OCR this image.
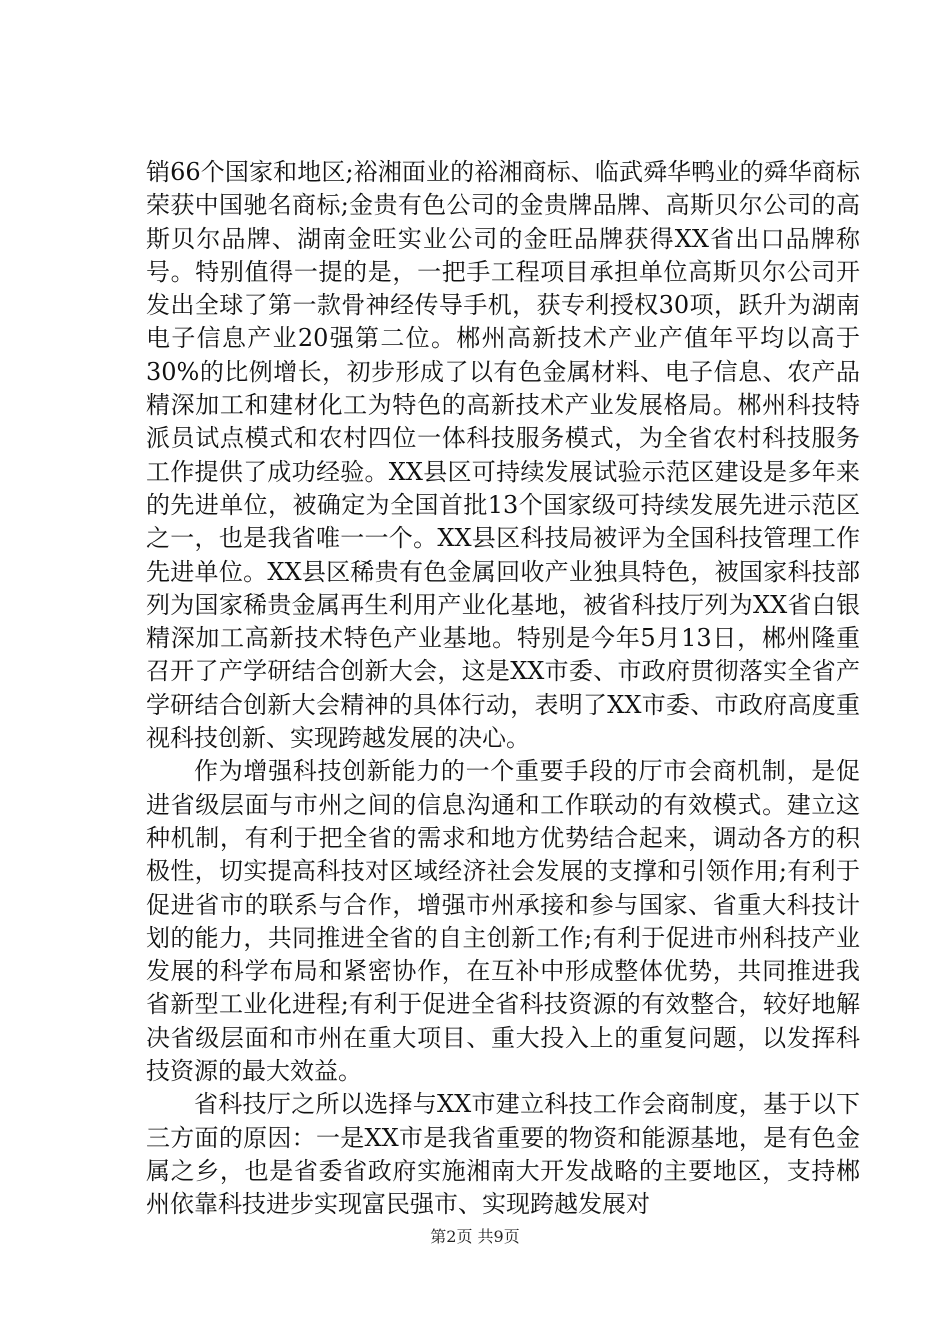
销66个国家和地区;裕湘面业的裕湘商标、临武舜华鸭业的舜华商标荣获中国驰名商标;金贵有色公司的金贵牌品牌、高斯贝尔公司的高斯贝尔品牌、湖南金旺实业公司的金旺品牌获得XX省出口品牌称号。特别值得一提的是，一把手工程项目承担单位高斯贝尔公司开发出全球了第一款骨神经传导手机，获专利授权30项，跃升为湖南电子信息产业20强第二位。郴州高新技术产业产值年平均以高于30%的比例增长，初步形成了以有色金属材料、电子信息、农产品精深加工和建材化工为特色的高新技术产业发展格局。郴州科技特派员试点模式和农村四位一体科技服务模式，为全省农村科技服务工作提供了成功经验。XX县区可持续发展试验示范区建设是多年来的先进单位，被确定为全国首批13个国家级可持续发展先进示范区之一，也是我省唯一一个。XX县区科技局被评为全国科技管理工作先进单位。XX县区稀贵有色金属回收产业独具特色，被国家科技部列为国家稀贵金属再生利用产业化基地，被省科技厅列为XX省白银精深加工高新技术特色产业基地。特别是今年5月13日，郴州隆重召开了产学研结合创新大会，这是XX市委、市政府贯彻落实全省产学研结合创新大会精神的具体行动，表明了XX市委、市政府高度重视科技创新、实现跨越发展的决心。

作为增强科技创新能力的一个重要手段的厅市会商机制，是促进省级层面与市州之间的信息沟通和工作联动的有效模式。建立这种机制，有利于把全省的需求和地方优势结合起来，调动各方的积极性，切实提高科技对区域经济社会发展的支撑和引领作用;有利于促进省市的联系与合作，增强市州承接和参与国家、省重大科技计划的能力，共同推进全省的自主创新工作;有利于促进市州科技产业发展的科学布局和紧密协作，在互补中形成整体优势，共同推进我省新型工业化进程;有利于促进全省科技资源的有效整合，较好地解决省级层面和市州在重大项目、重大投入上的重复问题，以发挥科技资源的最大效益。

省科技厅之所以选择与XX市建立科技工作会商制度，基于以下三方面的原因：一是XX市是我省重要的物资和能源基地，是有色金属之乡，也是省委省政府实施湘南大开发战略的主要地区，支持郴州依靠科技进步实现富民强市、实现跨越发展对

第2页 共9页
